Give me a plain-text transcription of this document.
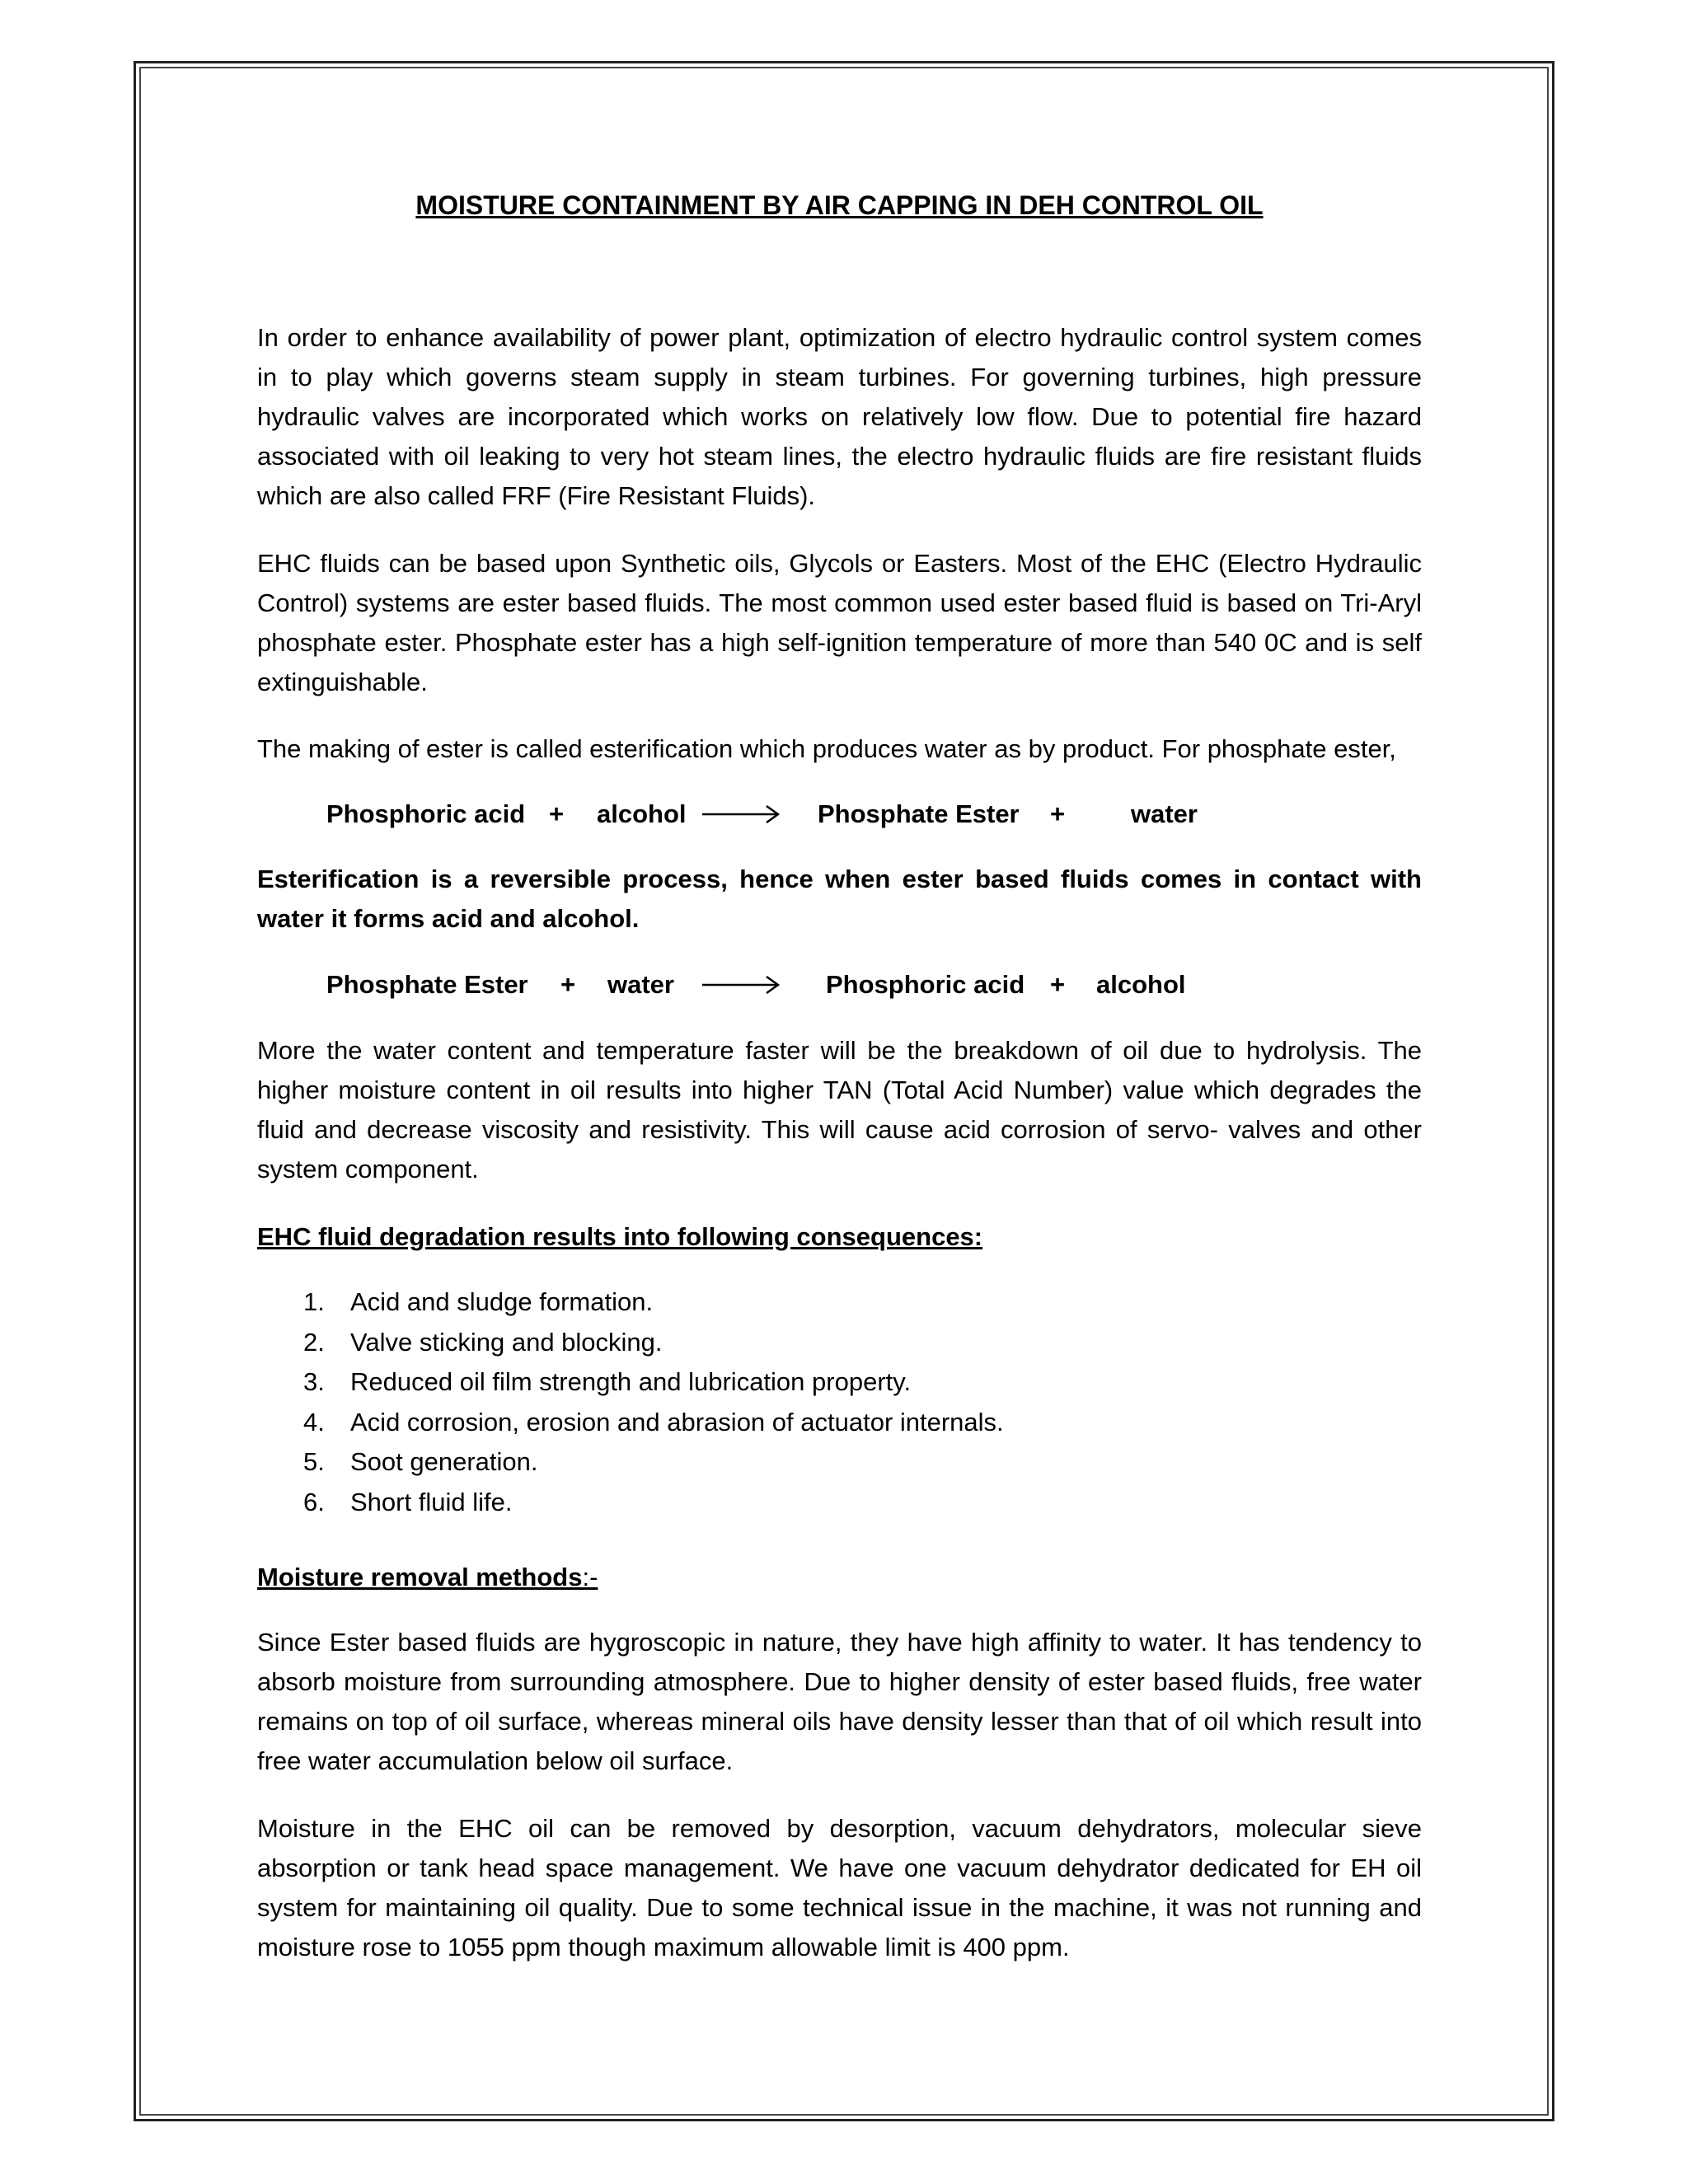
MOISTURE CONTAINMENT BY AIR CAPPING IN DEH CONTROL OIL

In order to enhance availability of power plant, optimization of electro hydraulic control system comes in to play which governs steam supply in steam turbines. For governing turbines, high pressure hydraulic valves are incorporated which works on relatively low flow. Due to potential fire hazard associated with oil leaking to very hot steam lines, the electro hydraulic fluids are fire resistant fluids which are also called FRF (Fire Resistant Fluids).

EHC fluids can be based upon Synthetic oils, Glycols or Easters. Most of the EHC (Electro Hydraulic Control) systems are ester based fluids. The most common used ester based fluid is based on Tri-Aryl phosphate ester. Phosphate ester has a high self-ignition temperature of more than 540 0C and is self extinguishable.

The making of ester is called esterification which produces water as by product. For phosphate ester,

Phosphoric acid + alcohol → Phosphate Ester +	water

Esterification is a reversible process, hence when ester based fluids comes in contact with water it forms acid and alcohol.

Phosphate Ester + water → Phosphoric acid + alcohol

More the water content and temperature faster will be the breakdown of oil due to hydrolysis. The higher moisture content in oil results into higher TAN (Total Acid Number) value which degrades the fluid and decrease viscosity and resistivity. This will cause acid corrosion of servo- valves and other system component.

EHC fluid degradation results into following consequences:

1. Acid and sludge formation.
2. Valve sticking and blocking.
3. Reduced oil film strength and lubrication property.
4. Acid corrosion, erosion and abrasion of actuator internals.
5. Soot generation.
6. Short fluid life.

Moisture removal methods:-

Since Ester based fluids are hygroscopic in nature, they have high affinity to water. It has tendency to absorb moisture from surrounding atmosphere. Due to higher density of ester based fluids, free water remains on top of oil surface, whereas mineral oils have density lesser than that of oil which result into free water accumulation below oil surface.

Moisture in the EHC oil can be removed by desorption, vacuum dehydrators, molecular sieve absorption or tank head space management. We have one vacuum dehydrator dedicated for EH oil system for maintaining oil quality. Due to some technical issue in the machine, it was not running and moisture rose to 1055 ppm though maximum allowable limit is 400 ppm.
